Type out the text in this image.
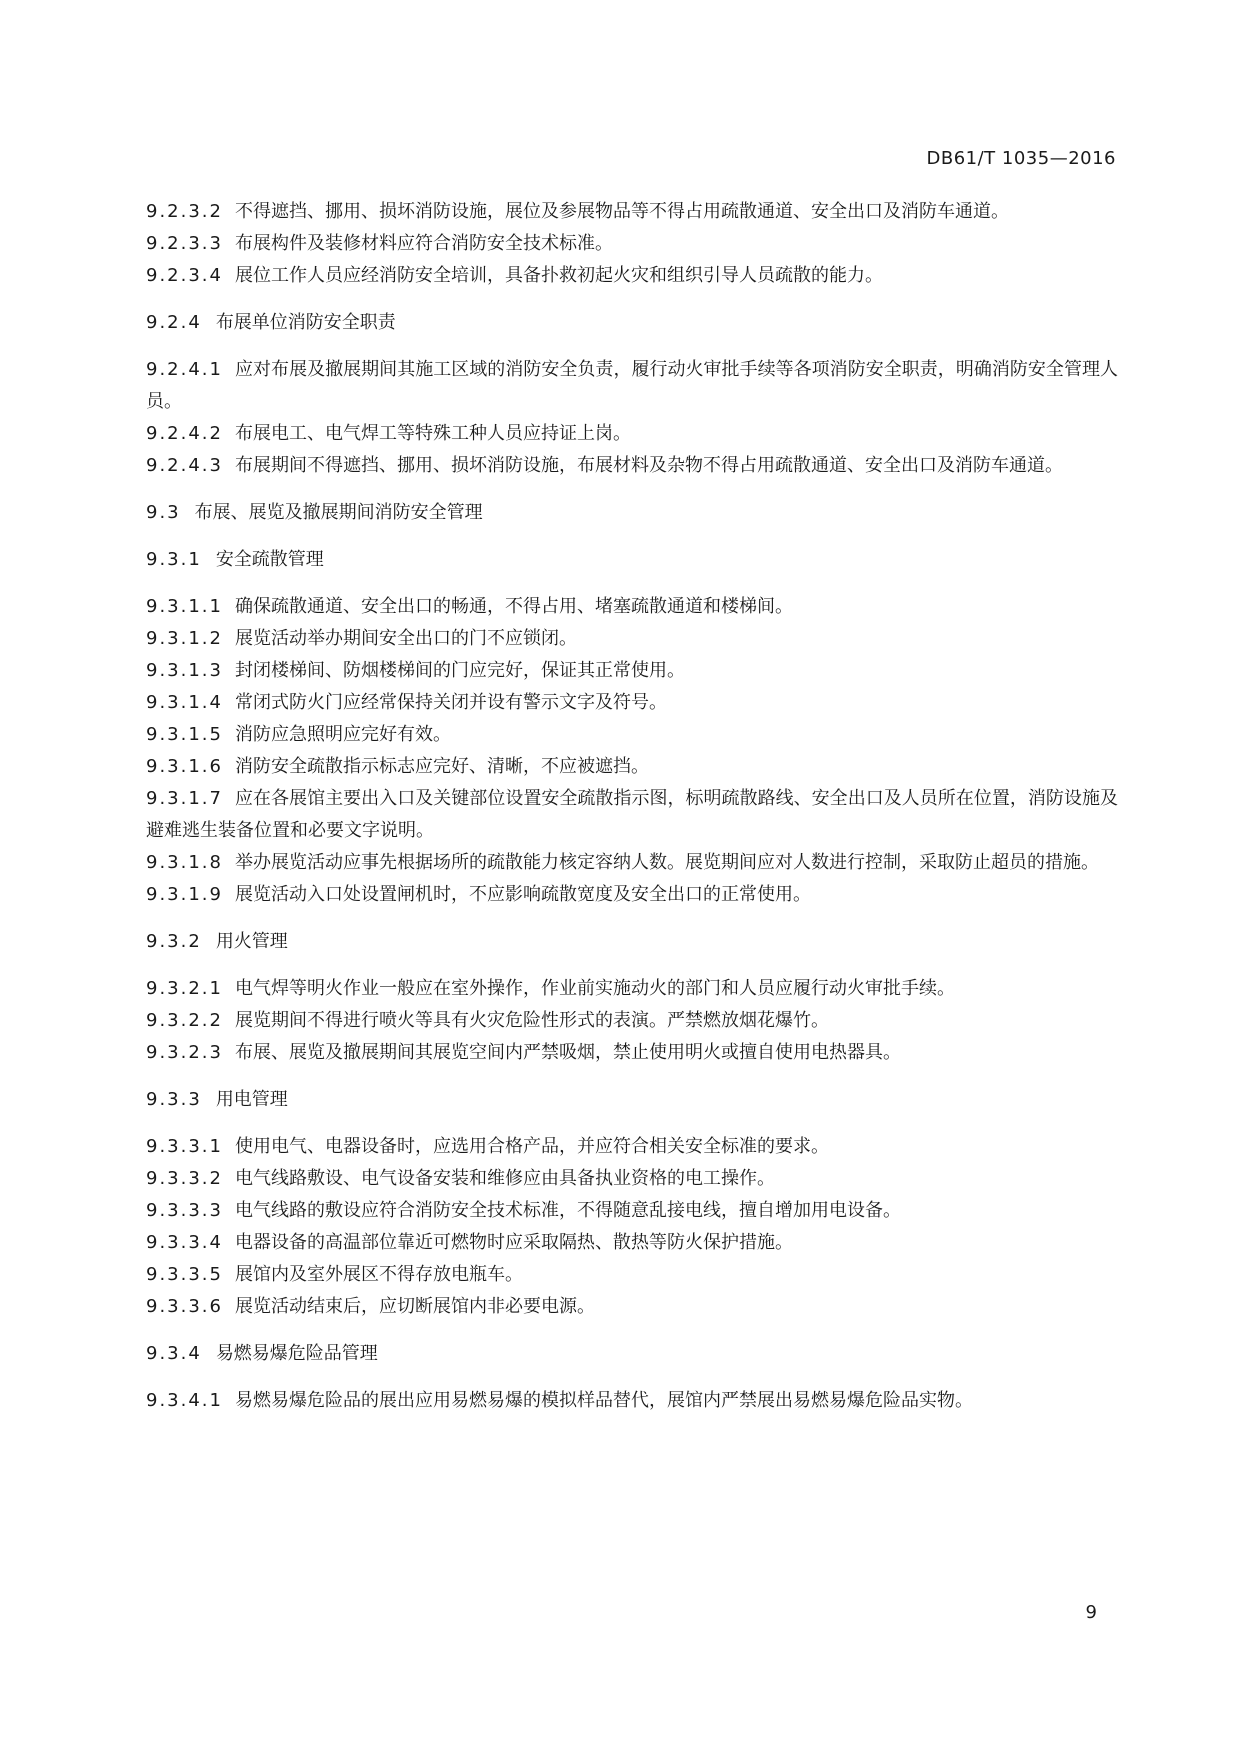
DB61/T 1035—2016
9.2.3.2 不得遮挡、挪用、损坏消防设施，展位及参展物品等不得占用疏散通道、安全出口及消防车通道。
9.2.3.3 布展构件及装修材料应符合消防安全技术标准。
9.2.3.4 展位工作人员应经消防安全培训，具备扑救初起火灾和组织引导人员疏散的能力。
9.2.4 布展单位消防安全职责
9.2.4.1 应对布展及撤展期间其施工区域的消防安全负责，履行动火审批手续等各项消防安全职责，明确消防安全管理人员。
9.2.4.2 布展电工、电气焊工等特殊工种人员应持证上岗。
9.2.4.3 布展期间不得遮挡、挪用、损坏消防设施，布展材料及杂物不得占用疏散通道、安全出口及消防车通道。
9.3 布展、展览及撤展期间消防安全管理
9.3.1 安全疏散管理
9.3.1.1 确保疏散通道、安全出口的畅通，不得占用、堵塞疏散通道和楼梯间。
9.3.1.2 展览活动举办期间安全出口的门不应锁闭。
9.3.1.3 封闭楼梯间、防烟楼梯间的门应完好，保证其正常使用。
9.3.1.4 常闭式防火门应经常保持关闭并设有警示文字及符号。
9.3.1.5 消防应急照明应完好有效。
9.3.1.6 消防安全疏散指示标志应完好、清晰，不应被遮挡。
9.3.1.7 应在各展馆主要出入口及关键部位设置安全疏散指示图，标明疏散路线、安全出口及人员所在位置，消防设施及避难逃生装备位置和必要文字说明。
9.3.1.8 举办展览活动应事先根据场所的疏散能力核定容纳人数。展览期间应对人数进行控制，采取防止超员的措施。
9.3.1.9 展览活动入口处设置闸机时，不应影响疏散宽度及安全出口的正常使用。
9.3.2 用火管理
9.3.2.1 电气焊等明火作业一般应在室外操作，作业前实施动火的部门和人员应履行动火审批手续。
9.3.2.2 展览期间不得进行喷火等具有火灾危险性形式的表演。严禁燃放烟花爆竹。
9.3.2.3 布展、展览及撤展期间其展览空间内严禁吸烟，禁止使用明火或擅自使用电热器具。
9.3.3 用电管理
9.3.3.1 使用电气、电器设备时，应选用合格产品，并应符合相关安全标准的要求。
9.3.3.2 电气线路敷设、电气设备安装和维修应由具备执业资格的电工操作。
9.3.3.3 电气线路的敷设应符合消防安全技术标准，不得随意乱接电线，擅自增加用电设备。
9.3.3.4 电器设备的高温部位靠近可燃物时应采取隔热、散热等防火保护措施。
9.3.3.5 展馆内及室外展区不得存放电瓶车。
9.3.3.6 展览活动结束后，应切断展馆内非必要电源。
9.3.4 易燃易爆危险品管理
9.3.4.1 易燃易爆危险品的展出应用易燃易爆的模拟样品替代，展馆内严禁展出易燃易爆危险品实物。
9
